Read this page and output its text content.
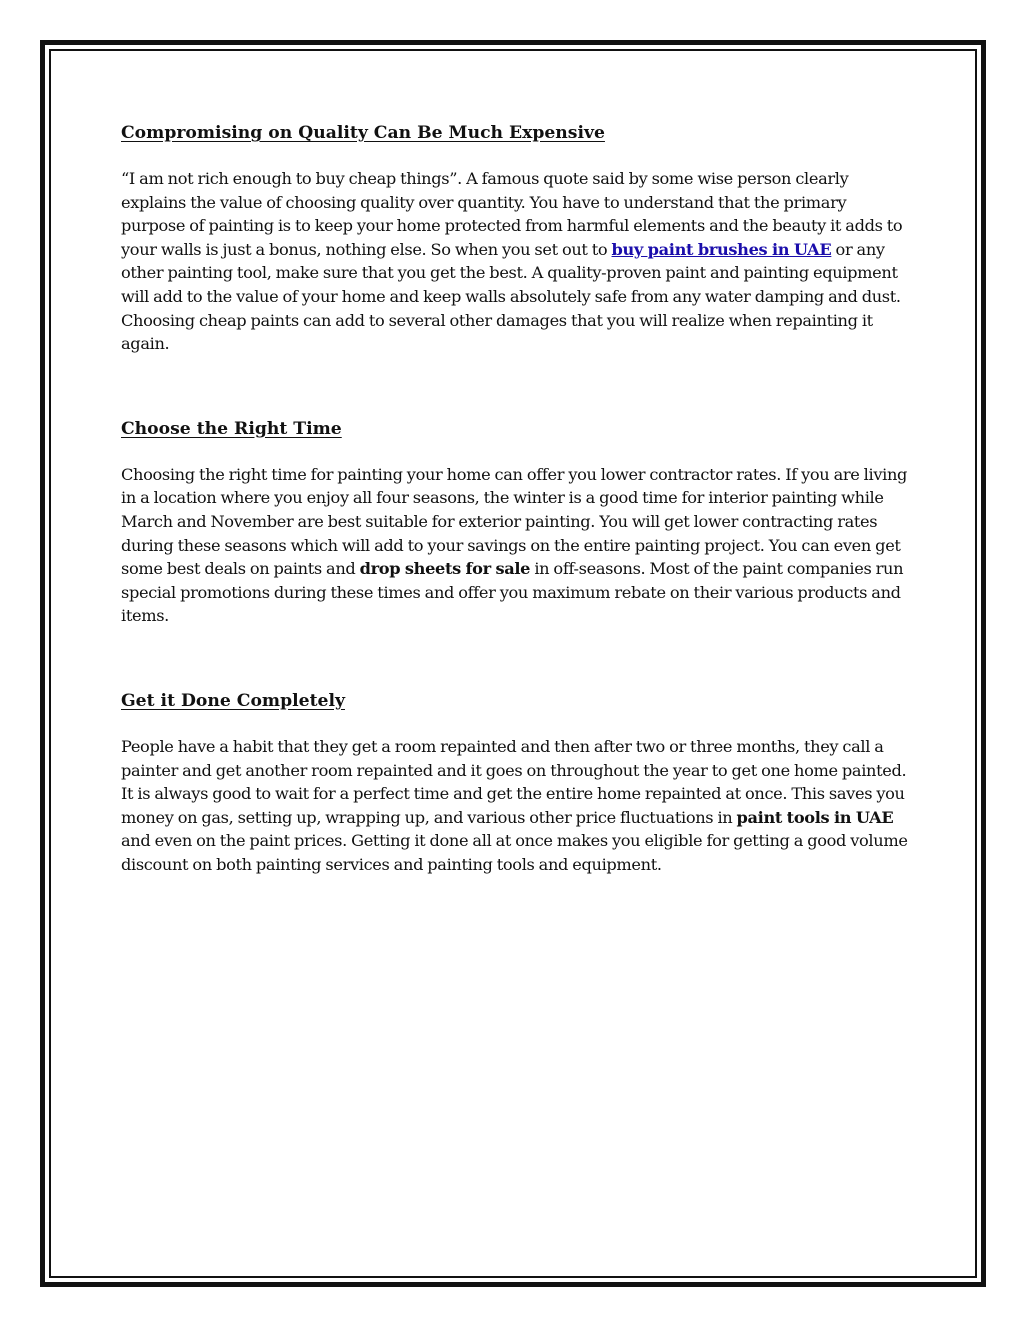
Compromising on Quality Can Be Much Expensive

“I am not rich enough to buy cheap things”. A famous quote said by some wise person clearly explains the value of choosing quality over quantity. You have to understand that the primary purpose of painting is to keep your home protected from harmful elements and the beauty it adds to your walls is just a bonus, nothing else. So when you set out to buy paint brushes in UAE or any other painting tool, make sure that you get the best. A quality-proven paint and painting equipment will add to the value of your home and keep walls absolutely safe from any water damping and dust. Choosing cheap paints can add to several other damages that you will realize when repainting it again.

Choose the Right Time

Choosing the right time for painting your home can offer you lower contractor rates. If you are living in a location where you enjoy all four seasons, the winter is a good time for interior painting while March and November are best suitable for exterior painting. You will get lower contracting rates during these seasons which will add to your savings on the entire painting project. You can even get some best deals on paints and drop sheets for sale in off-seasons. Most of the paint companies run special promotions during these times and offer you maximum rebate on their various products and items.

Get it Done Completely

People have a habit that they get a room repainted and then after two or three months, they call a painter and get another room repainted and it goes on throughout the year to get one home painted. It is always good to wait for a perfect time and get the entire home repainted at once. This saves you money on gas, setting up, wrapping up, and various other price fluctuations in paint tools in UAE and even on the paint prices. Getting it done all at once makes you eligible for getting a good volume discount on both painting services and painting tools and equipment.
